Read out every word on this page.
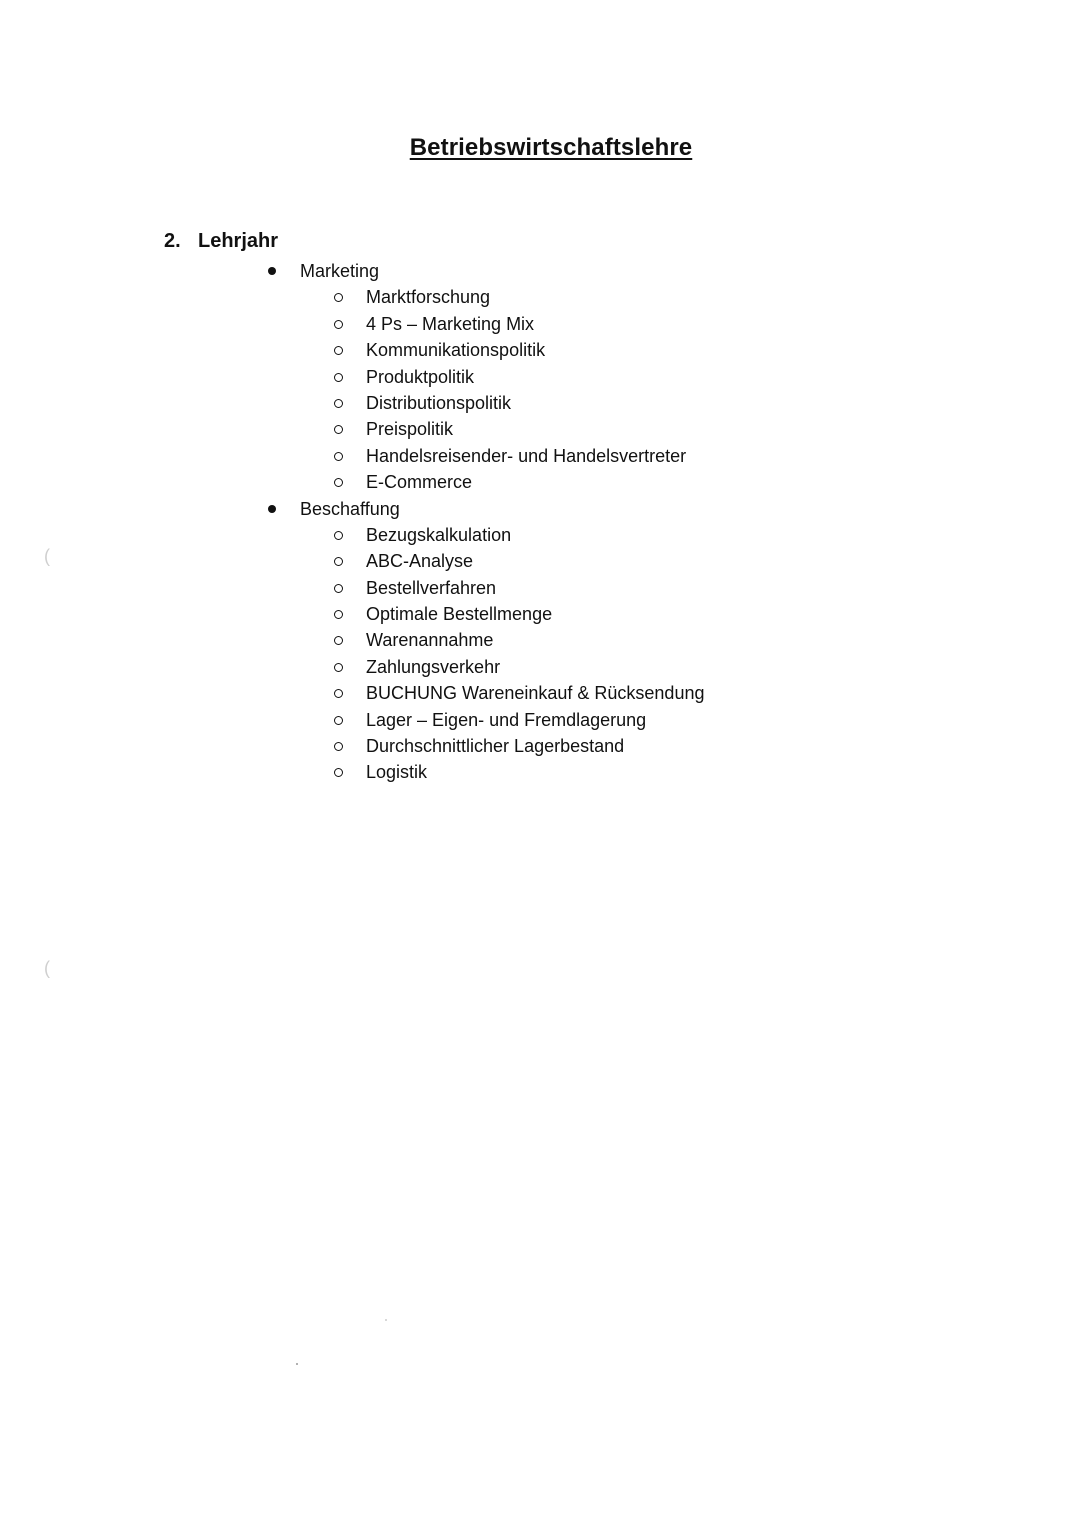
Betriebswirtschaftslehre
2. Lehrjahr
Marketing
Marktforschung
4 Ps – Marketing Mix
Kommunikationspolitik
Produktpolitik
Distributionspolitik
Preispolitik
Handelsreisender- und Handelsvertreter
E-Commerce
Beschaffung
Bezugskalkulation
ABC-Analyse
Bestellverfahren
Optimale Bestellmenge
Warenannahme
Zahlungsverkehr
BUCHUNG Wareneinkauf & Rücksendung
Lager – Eigen- und Fremdlagerung
Durchschnittlicher Lagerbestand
Logistik
(
(
